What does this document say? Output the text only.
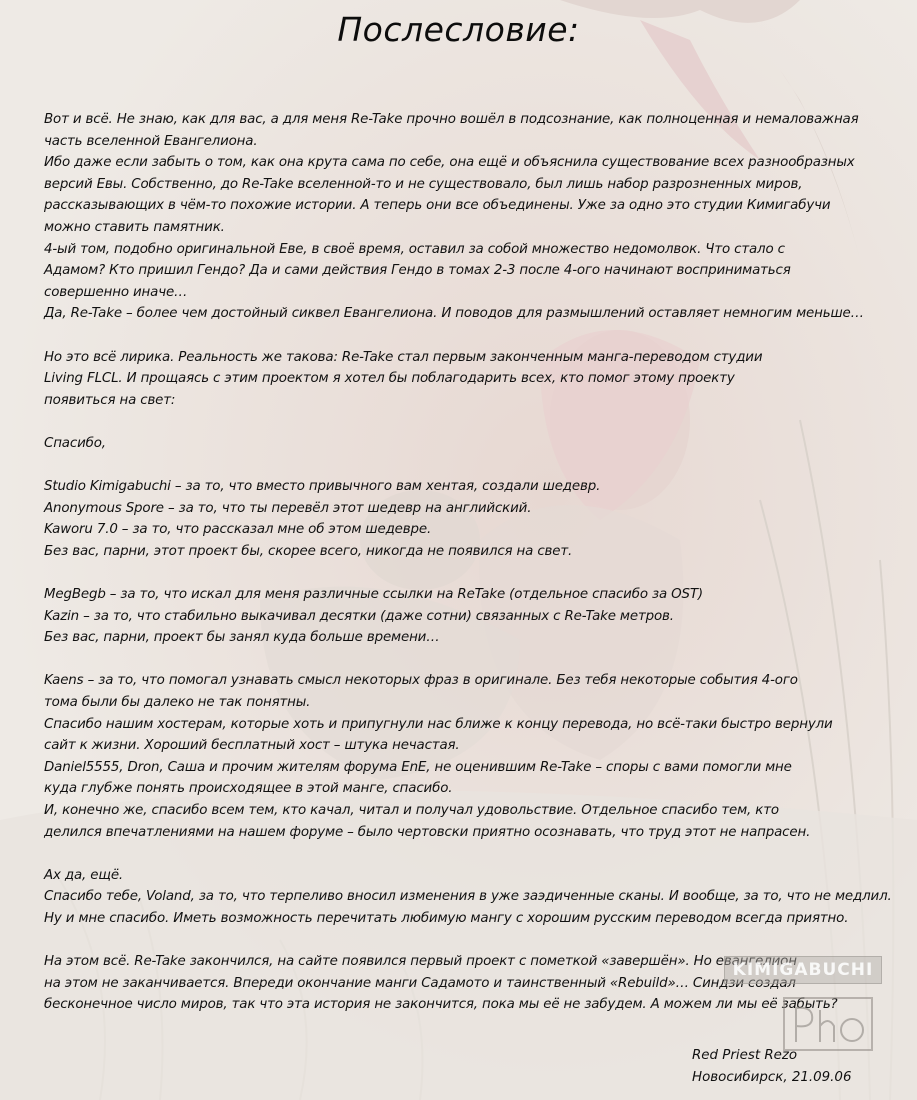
Послесловие:

Вот и всё. Не знаю, как для вас, а для меня Re-Take прочно вошёл в подсознание, как полноценная и немаловажная
часть вселенной Евангелиона.
Ибо даже если забыть о том, как она крута сама по себе, она ещё и объяснила существование всех разнообразных
версий Евы. Собственно, до Re-Take вселенной-то и не существовало, был лишь набор разрозненных миров,
рассказывающих в чём-то похожие истории. А теперь они все объединены. Уже за одно это студии Кимигабучи
можно ставить памятник.
4-ый том, подобно оригинальной Еве, в своё время, оставил за собой множество недомолвок. Что стало с
Адамом? Кто пришил Гендо? Да и сами действия Гендо в томах 2-3 после 4-ого начинают восприниматься
совершенно иначе…
Да, Re-Take – более чем достойный сиквел Евангелиона. И поводов для размышлений оставляет немногим меньше…

Но это всё лирика. Реальность же такова: Re-Take стал первым законченным манга-переводом студии
Living FLCL. И прощаясь с этим проектом я хотел бы поблагодарить всех, кто помог этому проекту
появиться на свет:

Спасибо,

Studio Kimigabuchi – за то, что вместо привычного вам хентая, создали шедевр.
Anonymous Sporе – за то, что ты перевёл этот шедевр на английский.
Kaworu 7.0 – за то, что рассказал мне об этом шедевре.
Без вас, парни, этот проект бы, скорее всего, никогда не появился на свет.

MegBegb – за то, что искал для меня различные ссылки на ReTake (отдельное спасибо за OST)
Kazin – за то, что стабильно выкачивал десятки (даже сотни) связанных с Re-Take метров.
Без вас, парни, проект бы занял куда больше времени…

Kaens – за то, что помогал узнавать смысл некоторых фраз в оригинале. Без тебя некоторые события 4-ого
тома были бы далеко не так понятны.
Спасибо нашим хостерам, которые хоть и припугнули нас ближе к концу перевода, но всё-таки быстро вернули
сайт к жизни. Хороший бесплатный хост – штука нечастая.
Daniel5555, Dron, Саша и прочим жителям форума EnE, не оценившим Re-Take – споры с вами помогли мне
куда глубже понять происходящее в этой манге, спасибо.
И, конечно же, спасибо всем тем, кто качал, читал и получал удовольствие. Отдельное спасибо тем, кто
делился впечатлениями на нашем форуме – было чертовски приятно осознавать, что труд этот не напрасен.

Ах да, ещё.
Спасибо тебе, Voland, за то, что терпеливо вносил изменения в уже заэдиченные сканы. И вообще, за то, что не медлил.
Ну и мне спасибо. Иметь возможность перечитать любимую мангу с хорошим русским переводом всегда приятно.

На этом всё. Re-Take закончился, на сайте появился первый проект с пометкой «завершён». Но евангелион
на этом не заканчивается. Впереди окончание манги Садамото и таинственный «Rebuild»… Синдзи создал
бесконечное число миров, так что эта история не закончится, пока мы её не забудем. А можем ли мы её забыть?

Red Priest Rezo
Новосибирск, 21.09.06
KIMIGABUCHI
